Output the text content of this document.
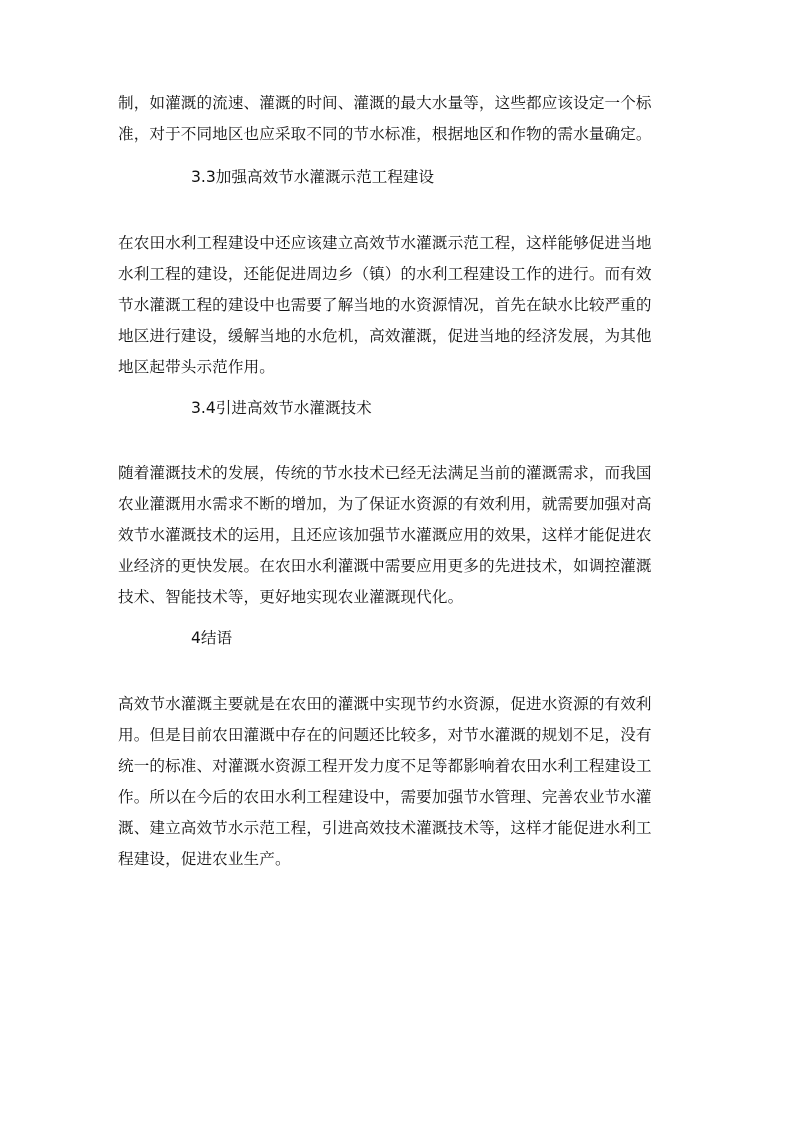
制，如灌溉的流速、灌溉的时间、灌溉的最大水量等，这些都应该设定一个标
准，对于不同地区也应采取不同的节水标准，根据地区和作物的需水量确定。

3.3加强高效节水灌溉示范工程建设

在农田水利工程建设中还应该建立高效节水灌溉示范工程，这样能够促进当地
水利工程的建设，还能促进周边乡（镇）的水利工程建设工作的进行。而有效
节水灌溉工程的建设中也需要了解当地的水资源情况，首先在缺水比较严重的
地区进行建设，缓解当地的水危机，高效灌溉，促进当地的经济发展，为其他
地区起带头示范作用。

3.4引进高效节水灌溉技术

随着灌溉技术的发展，传统的节水技术已经无法满足当前的灌溉需求，而我国
农业灌溉用水需求不断的增加，为了保证水资源的有效利用，就需要加强对高
效节水灌溉技术的运用，且还应该加强节水灌溉应用的效果，这样才能促进农
业经济的更快发展。在农田水利灌溉中需要应用更多的先进技术，如调控灌溉
技术、智能技术等，更好地实现农业灌溉现代化。

4结语

高效节水灌溉主要就是在农田的灌溉中实现节约水资源，促进水资源的有效利
用。但是目前农田灌溉中存在的问题还比较多，对节水灌溉的规划不足，没有
统一的标准、对灌溉水资源工程开发力度不足等都影响着农田水利工程建设工
作。所以在今后的农田水利工程建设中，需要加强节水管理、完善农业节水灌
溉、建立高效节水示范工程，引进高效技术灌溉技术等，这样才能促进水利工
程建设，促进农业生产。
